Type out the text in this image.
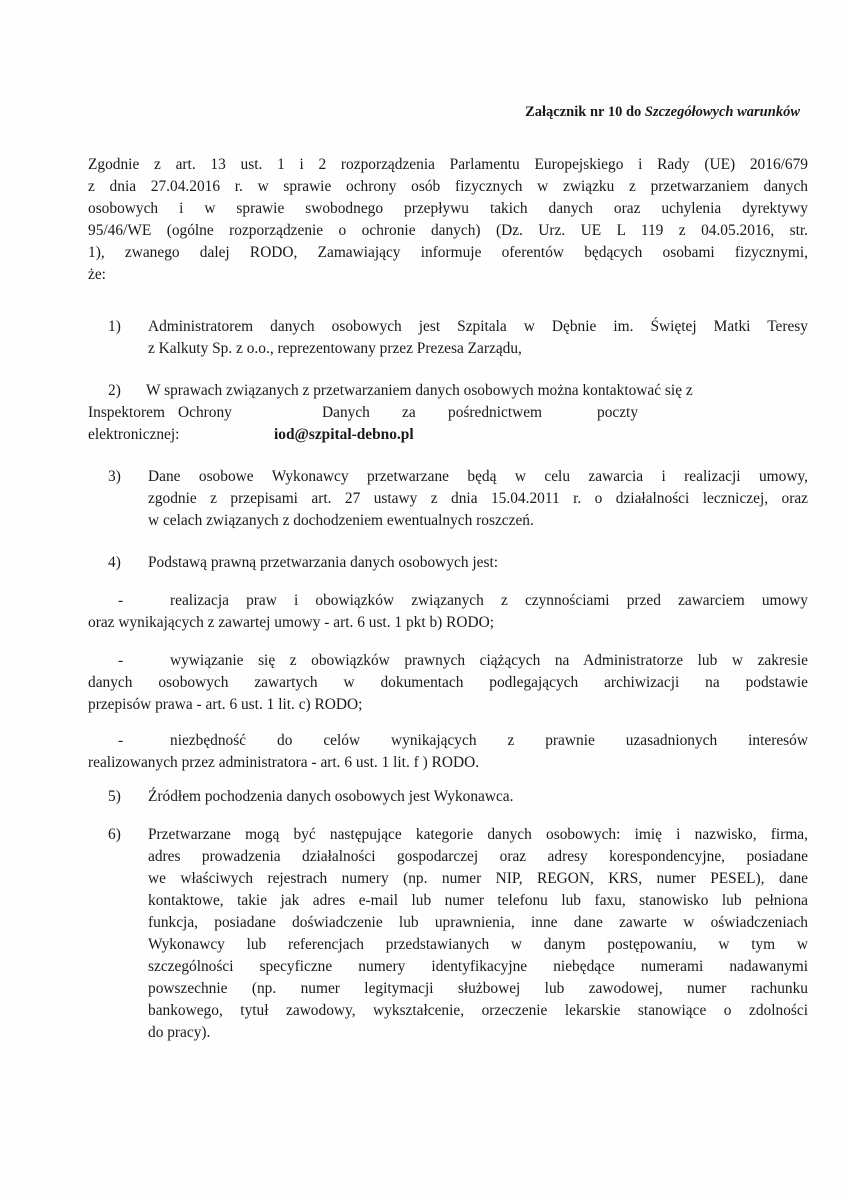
Załącznik nr 10 do Szczegółowych warunków
Zgodnie z art. 13 ust. 1 i 2 rozporządzenia Parlamentu Europejskiego i Rady (UE) 2016/679
z dnia 27.04.2016 r. w sprawie ochrony osób fizycznych w związku z przetwarzaniem danych
osobowych i w sprawie swobodnego przepływu takich danych oraz uchylenia dyrektywy
95/46/WE (ogólne rozporządzenie o ochronie danych) (Dz. Urz. UE L 119 z 04.05.2016, str.
1), zwanego dalej RODO, Zamawiający informuje oferentów będących osobami fizycznymi,
że:
1) Administratorem danych osobowych jest Szpitala w Dębnie im. Świętej Matki Teresy
z Kalkuty Sp. z o.o., reprezentowany przez Prezesa Zarządu,
2) W sprawach związanych z przetwarzaniem danych osobowych można kontaktować się z
Inspektorem Ochrony	Danych za pośrednictwem	poczty
elektronicznej:	iod@szpital-debno.pl
3) Dane osobowe Wykonawcy przetwarzane będą w celu zawarcia i realizacji umowy,
zgodnie z przepisami art. 27 ustawy z dnia 15.04.2011 r. o działalności leczniczej, oraz
w celach związanych z dochodzeniem ewentualnych roszczeń.
4) Podstawą prawną przetwarzania danych osobowych jest:
-	realizacja praw i obowiązków związanych z czynnościami przed zawarciem umowy
oraz wynikających z zawartej umowy - art. 6 ust. 1 pkt b) RODO;
-	wywiązanie się z obowiązków prawnych ciążących na Administratorze lub w zakresie
danych osobowych zawartych w dokumentach podlegających archiwizacji na podstawie
przepisów prawa - art. 6 ust. 1 lit. c) RODO;
-	niezbędność do celów wynikających z prawnie uzasadnionych interesów
realizowanych przez administratora - art. 6 ust. 1 lit. f ) RODO.
5) Źródłem pochodzenia danych osobowych jest Wykonawca.
6) Przetwarzane mogą być następujące kategorie danych osobowych: imię i nazwisko, firma,
adres prowadzenia działalności gospodarczej oraz adresy korespondencyjne, posiadane
we właściwych rejestrach numery (np. numer NIP, REGON, KRS, numer PESEL), dane
kontaktowe, takie jak adres e-mail lub numer telefonu lub faxu, stanowisko lub pełniona
funkcja, posiadane doświadczenie lub uprawnienia, inne dane zawarte w oświadczeniach
Wykonawcy lub referencjach przedstawianych w danym postępowaniu, w tym w
szczególności specyficzne numery identyfikacyjne niebędące numerami nadawanymi
powszechnie (np. numer legitymacji służbowej lub zawodowej, numer rachunku
bankowego, tytuł zawodowy, wykształcenie, orzeczenie lekarskie stanowiące o zdolności
do pracy).
